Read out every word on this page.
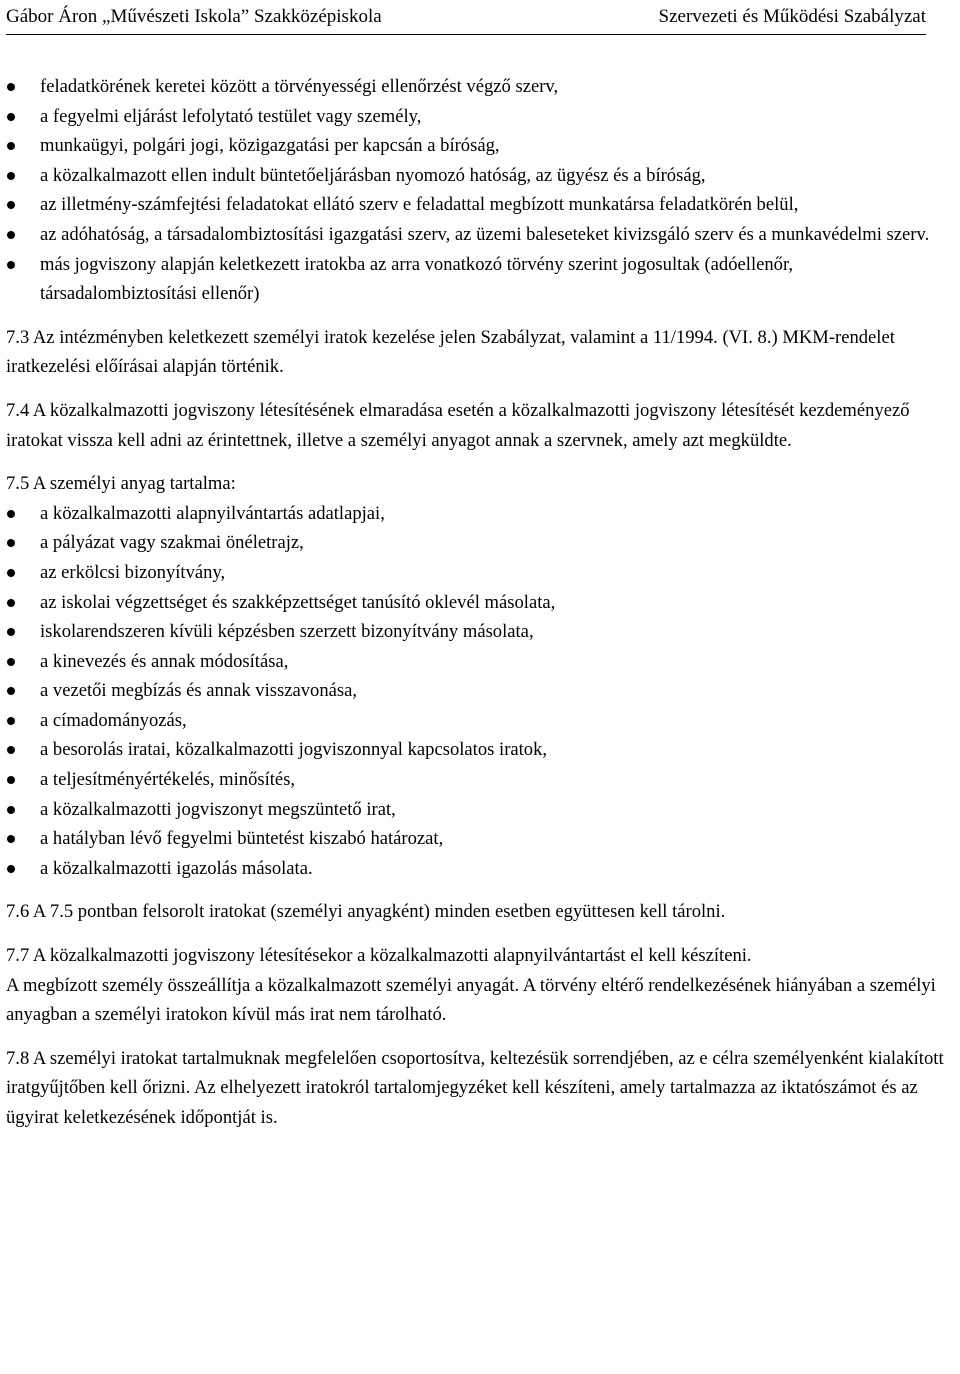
Gábor Áron „Művészeti Iskola” Szakközépiskola	Szervezeti és Működési Szabályzat
feladatkörének keretei között a törvényességi ellenőrzést végző szerv,
a fegyelmi eljárást lefolytató testület vagy személy,
munkaügyi, polgári jogi, közigazgatási per kapcsán a bíróság,
a közalkalmazott ellen indult büntetőeljárásban nyomozó hatóság, az ügyész és a bíróság,
az illetmény-számfejtési feladatokat ellátó szerv e feladattal megbízott munkatársa feladatkörén belül,
az adóhatóság, a társadalombiztosítási igazgatási szerv, az üzemi baleseteket kivizsgáló szerv és a munkavédelmi szerv.
más jogviszony alapján keletkezett iratokba az arra vonatkozó törvény szerint jogosultak (adóellenőr, társadalombiztosítási ellenőr)

7.3 Az intézményben keletkezett személyi iratok kezelése jelen Szabályzat, valamint a 11/1994. (VI. 8.) MKM-rendelet iratkezelési előírásai alapján történik.

7.4 A közalkalmazotti jogviszony létesítésének elmaradása esetén a közalkalmazotti jogviszony létesítését kezdeményező iratokat vissza kell adni az érintettnek, illetve a személyi anyagot annak a szervnek, amely azt megküldte.

7.5 A személyi anyag tartalma:

a közalkalmazotti alapnyilvántartás adatlapjai,
a pályázat vagy szakmai önéletrajz,
az erkölcsi bizonyítvány,
az iskolai végzettséget és szakképzettséget tanúsító oklevél másolata,
iskolarendszeren kívüli képzésben szerzett bizonyítvány másolata,
a kinevezés és annak módosítása,
a vezetői megbízás és annak visszavonása,
a címadományozás,
a besorolás iratai, közalkalmazotti jogviszonnyal kapcsolatos iratok,
a teljesítményértékelés, minősítés,
a közalkalmazotti jogviszonyt megszüntető irat,
a hatályban lévő fegyelmi büntetést kiszabó határozat,
a közalkalmazotti igazolás másolata.

7.6 A 7.5 pontban felsorolt iratokat (személyi anyagként) minden esetben együttesen kell tárolni.

7.7 A közalkalmazotti jogviszony létesítésekor a közalkalmazotti alapnyilvántartást el kell készíteni.

A megbízott személy összeállítja a közalkalmazott személyi anyagát. A törvény eltérő rendelkezésének hiányában a személyi anyagban a személyi iratokon kívül más irat nem tárolható.

7.8 A személyi iratokat tartalmuknak megfelelően csoportosítva, keltezésük sorrendjében, az e célra személyenként kialakított iratgyűjtőben kell őrizni. Az elhelyezett iratokról tartalomjegyzéket kell készíteni, amely tartalmazza az iktatószámot és az ügyirat keletkezésének időpontját is.
